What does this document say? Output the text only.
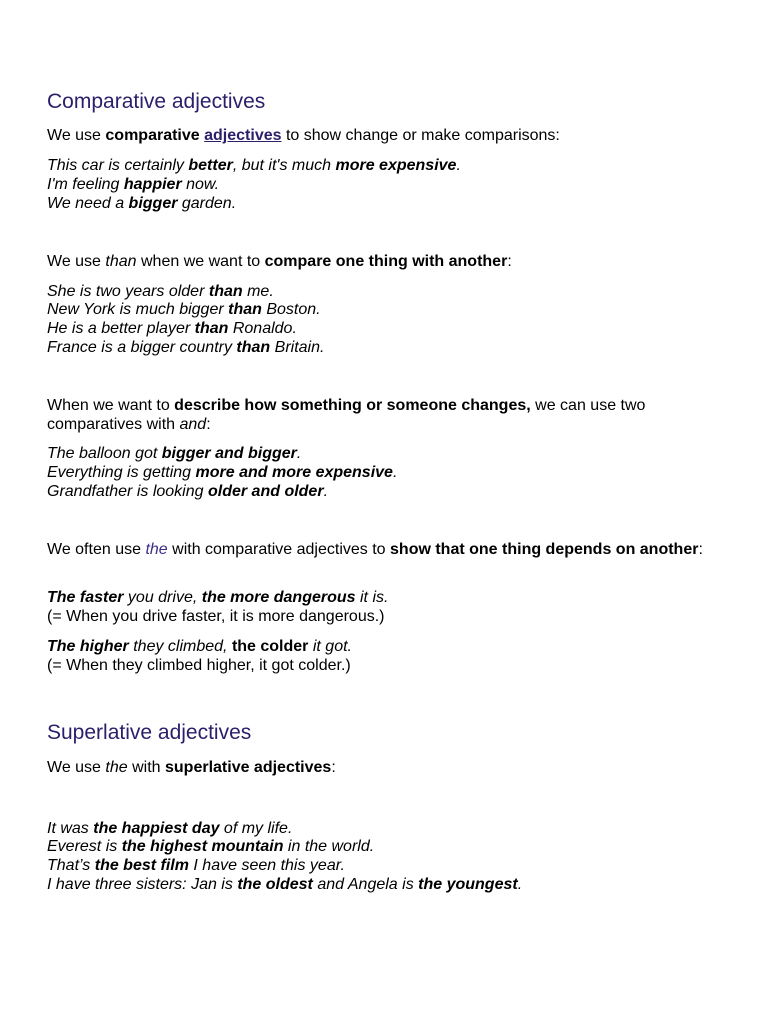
Comparative adjectives

We use comparative adjectives to show change or make comparisons:

This car is certainly better, but it's much more expensive.

I'm feeling happier now.

We need a bigger garden.

We use than when we want to compare one thing with another:

She is two years older than me.

New York is much bigger than Boston.

He is a better player than Ronaldo.

France is a bigger country than Britain.

When we want to describe how something or someone changes, we can use two comparatives with and:

The balloon got bigger and bigger.

Everything is getting more and more expensive.

Grandfather is looking older and older.

We often use the with comparative adjectives to show that one thing depends on another:

The faster you drive, the more dangerous it is.

(= When you drive faster, it is more dangerous.)

The higher they climbed, the colder it got.

(= When they climbed higher, it got colder.)

Superlative adjectives

We use the with superlative adjectives:

It was the happiest day of my life.

Everest is the highest mountain in the world.

That’s the best film I have seen this year.

I have three sisters: Jan is the oldest and Angela is the youngest.
